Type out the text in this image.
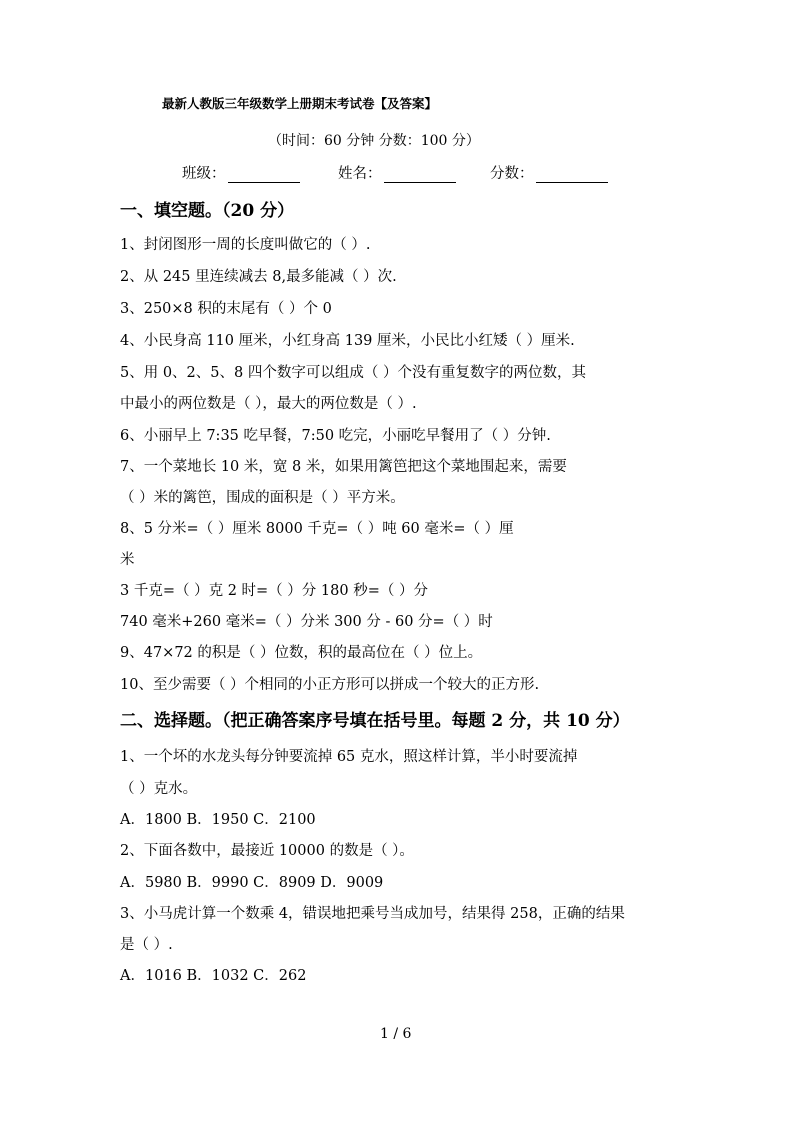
最新人教版三年级数学上册期末考试卷【及答案】
（时间：60 分钟 分数：100 分）
班级：	姓名：	分数：
一、填空题。（20 分）
1、封闭图形一周的长度叫做它的（ ）.
2、从 245 里连续减去 8,最多能减（ ）次.
3、250×8 积的末尾有（ ）个 0
4、小民身高 110 厘米，小红身高 139 厘米，小民比小红矮（ ）厘米.
5、用 0、2、5、8 四个数字可以组成（ ）个没有重复数字的两位数，其
中最小的两位数是（ ），最大的两位数是（ ）.
6、小丽早上 7:35 吃早餐，7:50 吃完，小丽吃早餐用了（ ）分钟.
7、一个菜地长 10 米，宽 8 米，如果用篱笆把这个菜地围起来，需要
（ ）米的篱笆，围成的面积是（ ）平方米。
8、5 分米=（ ）厘米 8000 千克=（ ）吨 60 毫米=（ ）厘
米
3 千克=（ ）克 2 时=（ ）分 180 秒=（ ）分
740 毫米+260 毫米=（ ）分米 300 分 - 60 分=（ ）时
9、47×72 的积是（ ）位数，积的最高位在（ ）位上。
10、至少需要（ ）个相同的小正方形可以拼成一个较大的正方形.
二、选择题。（把正确答案序号填在括号里。每题 2 分，共 10 分）
1、一个坏的水龙头每分钟要流掉 65 克水，照这样计算，半小时要流掉
（ ）克水。
A．1800 B．1950 C．2100
2、下面各数中，最接近 10000 的数是（ ）。
A．5980 B．9990 C．8909 D．9009
3、小马虎计算一个数乘 4，错误地把乘号当成加号，结果得 258，正确的结果
是（ ）.
A．1016 B．1032 C．262
1 / 6
